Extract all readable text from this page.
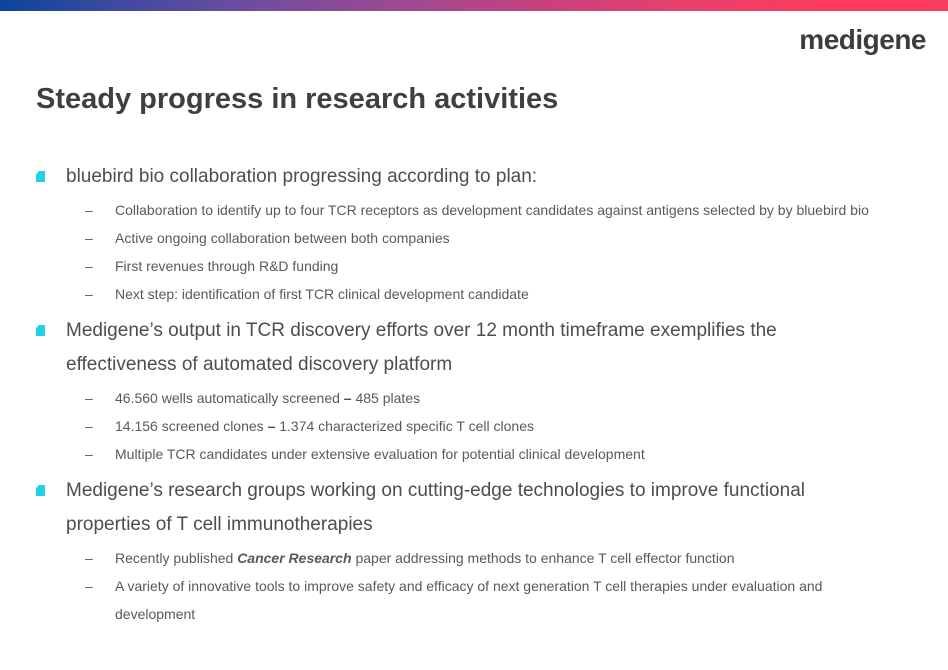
medigene
Steady progress in research activities
bluebird bio collaboration progressing according to plan:
–	Collaboration to identify up to four TCR receptors as development candidates against antigens selected by by bluebird bio
–	Active ongoing collaboration between both companies
–	First revenues through R&D funding
–	Next step: identification of first TCR clinical development candidate
Medigene’s output in TCR discovery efforts over 12 month timeframe exemplifies the effectiveness of automated discovery platform
–	46.560 wells automatically screened – 485 plates
–	14.156 screened clones – 1.374 characterized specific T cell clones
–	Multiple TCR candidates under extensive evaluation for potential clinical development
Medigene’s research groups working on cutting-edge technologies to improve functional properties of T cell immunotherapies
–	Recently published Cancer Research paper addressing methods to enhance T cell effector function
–	A variety of innovative tools to improve safety and efficacy of next generation T cell therapies under evaluation and development
